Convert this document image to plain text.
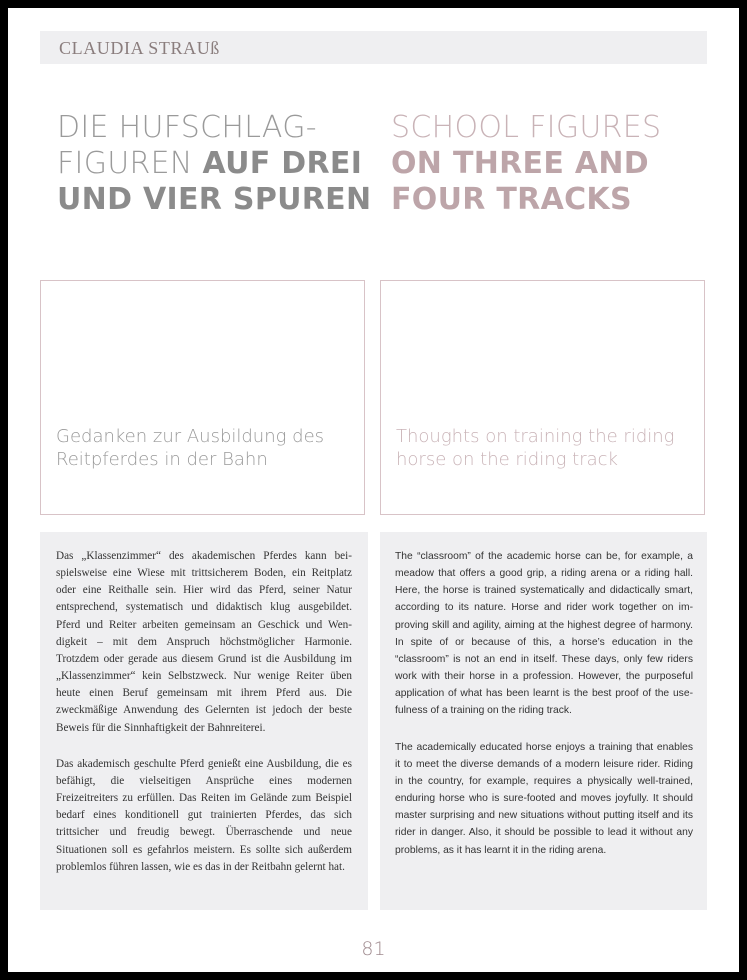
CLAUDIA STRAUß
DIE HUFSCHLAG-FIGUREN AUF DREI UND VIER SPUREN
SCHOOL FIGURES ON THREE AND FOUR TRACKS
Gedanken zur Ausbildung des Reitpferdes in der Bahn
Thoughts on training the riding horse on the riding track

Das „Klassenzimmer“ des akademischen Pferdes kann beispielsweise eine Wiese mit trittsicherem Boden, ein Reitplatz oder eine Reithalle sein. Hier wird das Pferd, seiner Natur entsprechend, systematisch und didaktisch klug ausgebildet. Pferd und Reiter arbeiten gemeinsam an Geschick und Wendigkeit – mit dem Anspruch höchstmöglicher Harmonie. Trotzdem oder gerade aus diesem Grund ist die Ausbildung im „Klassenzimmer“ kein Selbstzweck. Nur wenige Reiter üben heute einen Beruf gemeinsam mit ihrem Pferd aus. Die zweckmäßige Anwendung des Gelernten ist jedoch der beste Beweis für die Sinnhaftigkeit der Bahnreiterei.

Das akademisch geschulte Pferd genießt eine Ausbildung, die es befähigt, die vielseitigen Ansprüche eines modernen Freizeitreiters zu erfüllen. Das Reiten im Gelände zum Beispiel bedarf eines konditionell gut trainierten Pferdes, das sich trittsicher und freudig bewegt. Überraschende und neue Situationen soll es gefahrlos meistern. Es sollte sich außerdem problemlos führen lassen, wie es das in der Reitbahn gelernt hat.

The “classroom” of the academic horse can be, for example, a meadow that offers a good grip, a riding arena or a riding hall. Here, the horse is trained systematically and didactically smart, according to its nature. Horse and rider work together on improving skill and agility, aiming at the highest degree of harmony. In spite of or because of this, a horse’s education in the “classroom” is not an end in itself. These days, only few riders work with their horse in a profession. However, the purposeful application of what has been learnt is the best proof of the usefulness of a training on the riding track.

The academically educated horse enjoys a training that enables it to meet the diverse demands of a modern leisure rider. Riding in the country, for example, requires a physically well-trained, enduring horse who is sure-footed and moves joyfully. It should master surprising and new situations without putting itself and its rider in danger. Also, it should be possible to lead it without any problems, as it has learnt it in the riding arena.

81
